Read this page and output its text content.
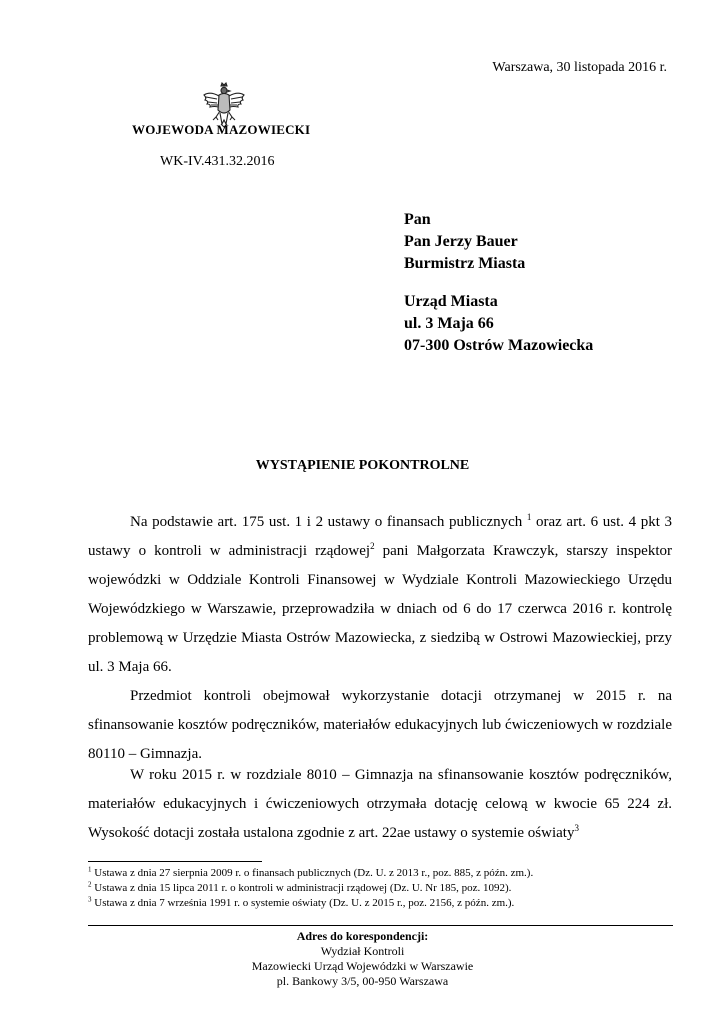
Warszawa, 30 listopada 2016 r.
WOJEWODA MAZOWIECKI
WK-IV.431.32.2016
Pan
Pan Jerzy Bauer
Burmistrz Miasta
Urząd Miasta
ul. 3 Maja 66
07-300 Ostrów Mazowiecka
WYSTĄPIENIE POKONTROLNE

Na podstawie art. 175 ust. 1 i 2 ustawy o finansach publicznych $^1$ oraz art. 6 ust. 4 pkt 3 ustawy o kontroli w administracji rządowej$^2$ pani Małgorzata Krawczyk, starszy inspektor wojewódzki w Oddziale Kontroli Finansowej w Wydziale Kontroli Mazowieckiego Urzędu Wojewódzkiego w Warszawie, przeprowadziła w dniach od 6 do 17 czerwca 2016 r. kontrolę problemową w Urzędzie Miasta Ostrów Mazowiecka, z siedzibą w Ostrowi Mazowieckiej, przy ul. 3 Maja 66.

Przedmiot kontroli obejmował wykorzystanie dotacji otrzymanej w 2015 r. na sfinansowanie kosztów podręczników, materiałów edukacyjnych lub ćwiczeniowych w rozdziale 80110 – Gimnazja.

W roku 2015 r. w rozdziale 8010 – Gimnazja na sfinansowanie kosztów podręczników, materiałów edukacyjnych i ćwiczeniowych otrzymała dotację celową w kwocie 65 224 zł. Wysokość dotacji została ustalona zgodnie z art. 22ae ustawy o systemie oświaty$^3$

$^1$ Ustawa z dnia 27 sierpnia 2009 r. o finansach publicznych (Dz. U. z 2013 r., poz. 885, z późn. zm.).
$^2$ Ustawa z dnia 15 lipca 2011 r. o kontroli w administracji rządowej (Dz. U. Nr 185, poz. 1092).
$^3$ Ustawa z dnia 7 września 1991 r. o systemie oświaty (Dz. U. z 2015 r., poz. 2156, z późn. zm.).
Adres do korespondencji:
Wydział Kontroli
Mazowiecki Urząd Wojewódzki w Warszawie
pl. Bankowy 3/5, 00-950 Warszawa
